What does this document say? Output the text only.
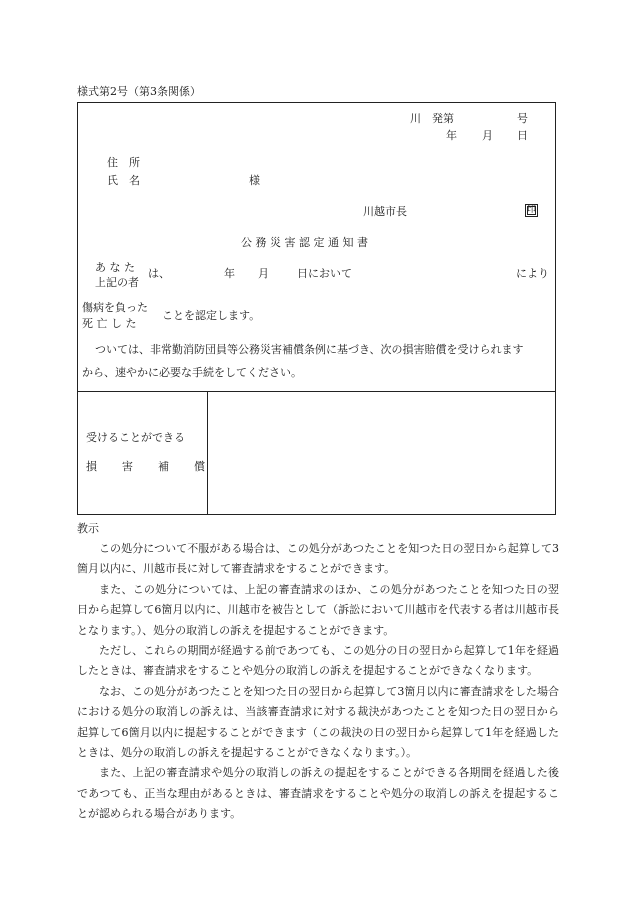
様式第2号（第3条関係）
川 発第	号
年 月 日
住　所
氏　名	様
川越市長	印
公 務 災 害 認 定 通 知 書
あ な た
上記の者
は、	年 月	日において	により
傷病を負った
死 亡 し た
ことを認定します。
ついては、非常勤消防団員等公務災害補償条例に基づき、次の損害賠償を受けられます
から、速やかに必要な手続をしてください。
受けることができる
損　　害　　補　　償
教示

この処分について不服がある場合は、この処分があつたことを知つた日の翌日から起算して3箇月以内に、川越市長に対して審査請求をすることができます。

また、この処分については、上記の審査請求のほか、この処分があつたことを知つた日の翌日から起算して6箇月以内に、川越市を被告として（訴訟において川越市を代表する者は川越市長となります。）、処分の取消しの訴えを提起することができます。

ただし、これらの期間が経過する前であつても、この処分の日の翌日から起算して1年を経過したときは、審査請求をすることや処分の取消しの訴えを提起することができなくなります。

なお、この処分があつたことを知つた日の翌日から起算して3箇月以内に審査請求をした場合における処分の取消しの訴えは、当該審査請求に対する裁決があつたことを知つた日の翌日から起算して6箇月以内に提起することができます（この裁決の日の翌日から起算して1年を経過したときは、処分の取消しの訴えを提起することができなくなります。）。

また、上記の審査請求や処分の取消しの訴えの提起をすることができる各期間を経過した後であつても、正当な理由があるときは、審査請求をすることや処分の取消しの訴えを提起することが認められる場合があります。
